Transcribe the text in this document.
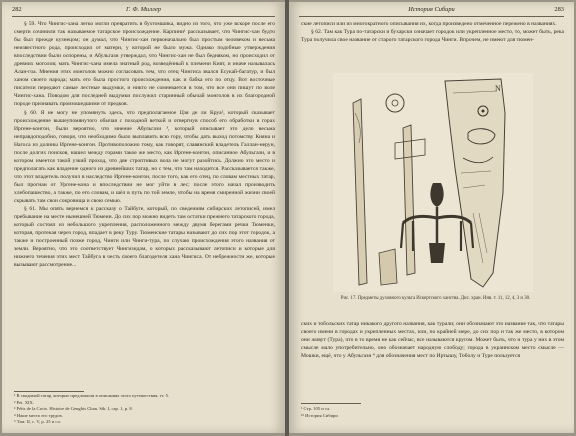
282	Г. Ф. Миллер

§ 59. Что Чингис-хана легко могли превратить в бухтомшика, видно из того, что уже вскоре после его смерти сочинили так называемое татарское происхождение. Карпини¹ рассказывает, что Чингис-хан будто бы был прежде кузнецом; он думал, что Чингис-хан первоначально был простым человеком и весьма неизвестного рода, происходил от матери, у которой не было мужа. Однако подобные утверждения впоследствии были оспорены, и Абульгази утверждал, что Чингис-хан не был бедняком, но происходил от древних моголов; мать Чингис-хана имела знатный род, возведённый к племени Кият, и иначе называлась Алан-гоа. Мнения этих монголов можно согласовать тем, что отец Чингиса звался Есукай-багатур, и был ханом своего народа; мать его была простого происхождения, как и бабка его по отцу. Вот восточные писатели передают самые лестные выдумки, и никто не сомневается в том, что все они пишут по воле Чингис-хана. Поводом для последней выдумки послужил старинный обычай монголов в их благородной породе признавать произошедшими от предков.

§ 60. Я не могу не упомянуть здесь, что предполагаемое Цзя де ли Круа², который сказывает происхождение вышеупомянутого обычая с походной веткой и отвергнув способ его обработки в горах Иргене-конгон, были вероятно, что мнение Абульгази ³, который описывает это дело весьма неправдоподобно, говоря, что необходимо было выплавить всю гору, чтобы дать выход потомству Кияна и Нагоса из долины Иргене-конгон. Противоположно тому, как говорят, славянский владетель Галлан-нерун, после долгих поисков, нашел между горами такое же место, как Иргене-конгон, описанное Абульгази, и в котором имеется такой узкий проход, что две строптивых вола не могут разойтись. Должно это место и предполагать как владение одного из древнейших татар, но с тем, что там находится. Рассказывается также, что этот владетель получил в наследство Иргене-конгон, после того, как его отец, по словам местных татар, был прогнан от Ургене-кона и впоследствии не мог уйти в лес; после этого начал производить хлебопашество, а также, по его словам, и шёл в путь по той земле, чтобы на время смиренной жизни своей скрывать там свои сокровища и свою семью.

§ 61. Мы опять вернемся к рассказу о Тайбуге, который, по сведениям сибирских летописей, имел пребывание на месте нынешней Тюмени. До сих пор можно видеть там остатки прежнего татарского города, который состоял из небольшого укрепления, расположенного между двумя берегами речки Тюменки, которая, протекая через город, впадает в реку Туру. Тюменские татары называют до сих пор этот городок, а также и построенный позже город, Чинги или Чинги-тура, по случаю происхождения этого названия от земли. Вероятно, что это соответствует Чингизидам, о которых рассказывают летописи и которые для нижнего течения этих мест Тайбуга в честь своего благодетеля хана Чингиса. От небрежности же, которые вызывают рассмотрение...

¹ В сводимой татар, которые предложили в описаниях этого путешествия, тт. 5.
² Pet. XIX.
³ Pétis de la Croix. Histoire de Genghis Chan. Sib. I, cap. 1, p. 8.
⁴ Наше место его трудов.
⁵ Там. II, с. V, p. 25 и сл.
История Сибири	283

ские летописи или из многократного описывания их, когда произведено отмеченное пережено в названиях.

§ 62. Там как Тура по-татарски и бухарски означает городок или укрепленное место, то, может быть, река Тура получила свое название от старого татарского города Чинги. Впрочем, не имеют для тюмен-

N
Рис. 17. Предметы духовного культа Искертского ханства. Дис. хран. Инв. т. 11, 12, 4, 3 и 30.

ских и тобольских татар никакого другого названия, как турали; они обозначают это название так, что татары своего имени в городах и укрепленных местах, или, по крайней мере, до сих пор и так же место, в котором они живут (Тура), что в то время не как сейчас, все называются кругом. Может быть, что и тура у них в этом смысле мало употребительно, оно обозначает народную слободу; города в украинском место смысле — Мошки, ещё, что у Абульгази ⁴ для обозначения мест по Иртышу, Тоболу и Туре пользуется

¹ Стр. 105 и сл.
¹⁹ История Сибири
